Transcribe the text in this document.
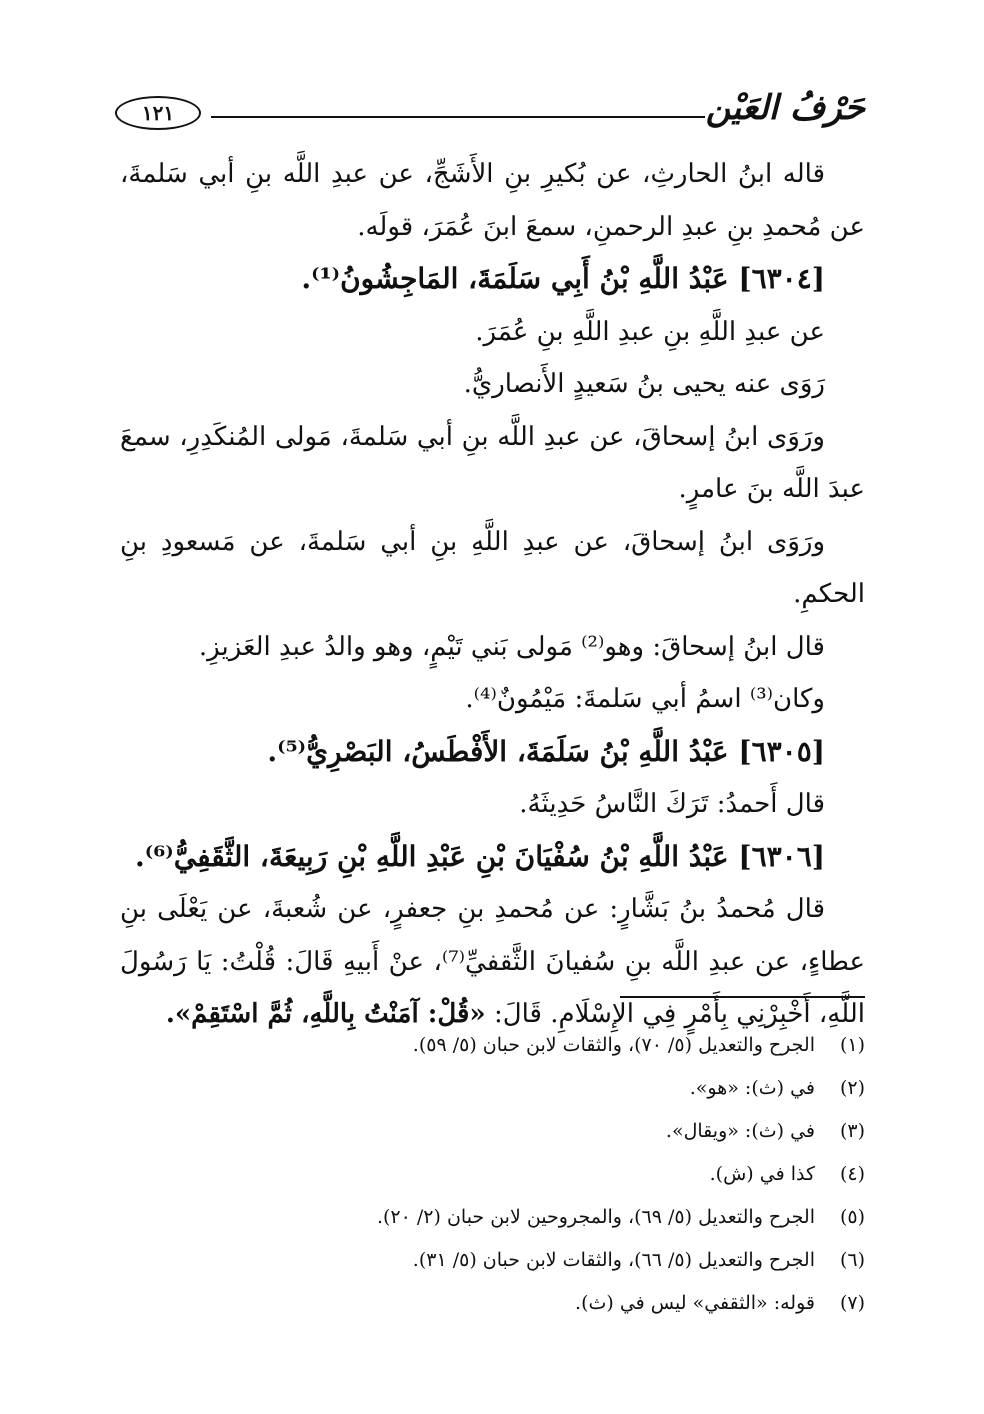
١٢١	حَرْفُ العَيْن

قاله ابنُ الحارثِ، عن بُكيرِ بنِ الأَشَجِّ، عن عبدِ اللَّه بنِ أبي سَلمةَ، عن مُحمدِ بنِ عبدِ الرحمنِ، سمعَ ابنَ عُمَرَ، قولَه.

[٦٣٠٤] عَبْدُ اللَّهِ بْنُ أَبِي سَلَمَةَ، المَاجِشُونُ⁽¹⁾.

عن عبدِ اللَّهِ بنِ عبدِ اللَّهِ بنِ عُمَرَ.

رَوَى عنه يحيى بنُ سَعيدٍ الأَنصاريُّ.

ورَوَى ابنُ إسحاقَ، عن عبدِ اللَّه بنِ أبي سَلمةَ، مَولى المُنكَدِرِ، سمعَ عبدَ اللَّه بنَ عامرٍ.

ورَوَى ابنُ إسحاقَ، عن عبدِ اللَّهِ بنِ أبي سَلمةَ، عن مَسعودِ بنِ الحكمِ.

قال ابنُ إسحاقَ: وهو⁽²⁾ مَولى بَني تَيْمٍ، وهو والدُ عبدِ العَزيزِ.

وكان⁽³⁾ اسمُ أبي سَلمةَ: مَيْمُونٌ⁽⁴⁾.

[٦٣٠٥] عَبْدُ اللَّهِ بْنُ سَلَمَةَ، الأَفْطَسُ، البَصْرِيُّ⁽⁵⁾.

قال أَحمدُ: تَرَكَ النَّاسُ حَدِيثَهُ.

[٦٣٠٦] عَبْدُ اللَّهِ بْنُ سُفْيَانَ بْنِ عَبْدِ اللَّهِ بْنِ رَبِيعَةَ، الثَّقَفِيُّ⁽⁶⁾.

قال مُحمدُ بنُ بَشَّارٍ: عن مُحمدِ بنِ جعفرٍ، عن شُعبةَ، عن يَعْلَى بنِ عطاءٍ، عن عبدِ اللَّه بنِ سُفيانَ الثَّقفيِّ⁽⁷⁾، عنْ أَبيهِ قَالَ: قُلْتُ: يَا رَسُولَ اللَّهِ، أَخْبِرْنِي بِأَمْرٍ فِي الإِسْلَامِ. قَالَ: «قُلْ: آمَنْتُ بِاللَّهِ، ثُمَّ اسْتَقِمْ».

(١)
الجرح والتعديل (٥/ ٧٠)، والثقات لابن حبان (٥/ ٥٩).
(٢)
في (ث): «هو».
(٣)
في (ث): «ويقال».
(٤)
كذا في (ش).
(٥)
الجرح والتعديل (٥/ ٦٩)، والمجروحين لابن حبان (٢/ ٢٠).
(٦)
الجرح والتعديل (٥/ ٦٦)، والثقات لابن حبان (٥/ ٣١).
(٧)
قوله: «الثقفي» ليس في (ث).
